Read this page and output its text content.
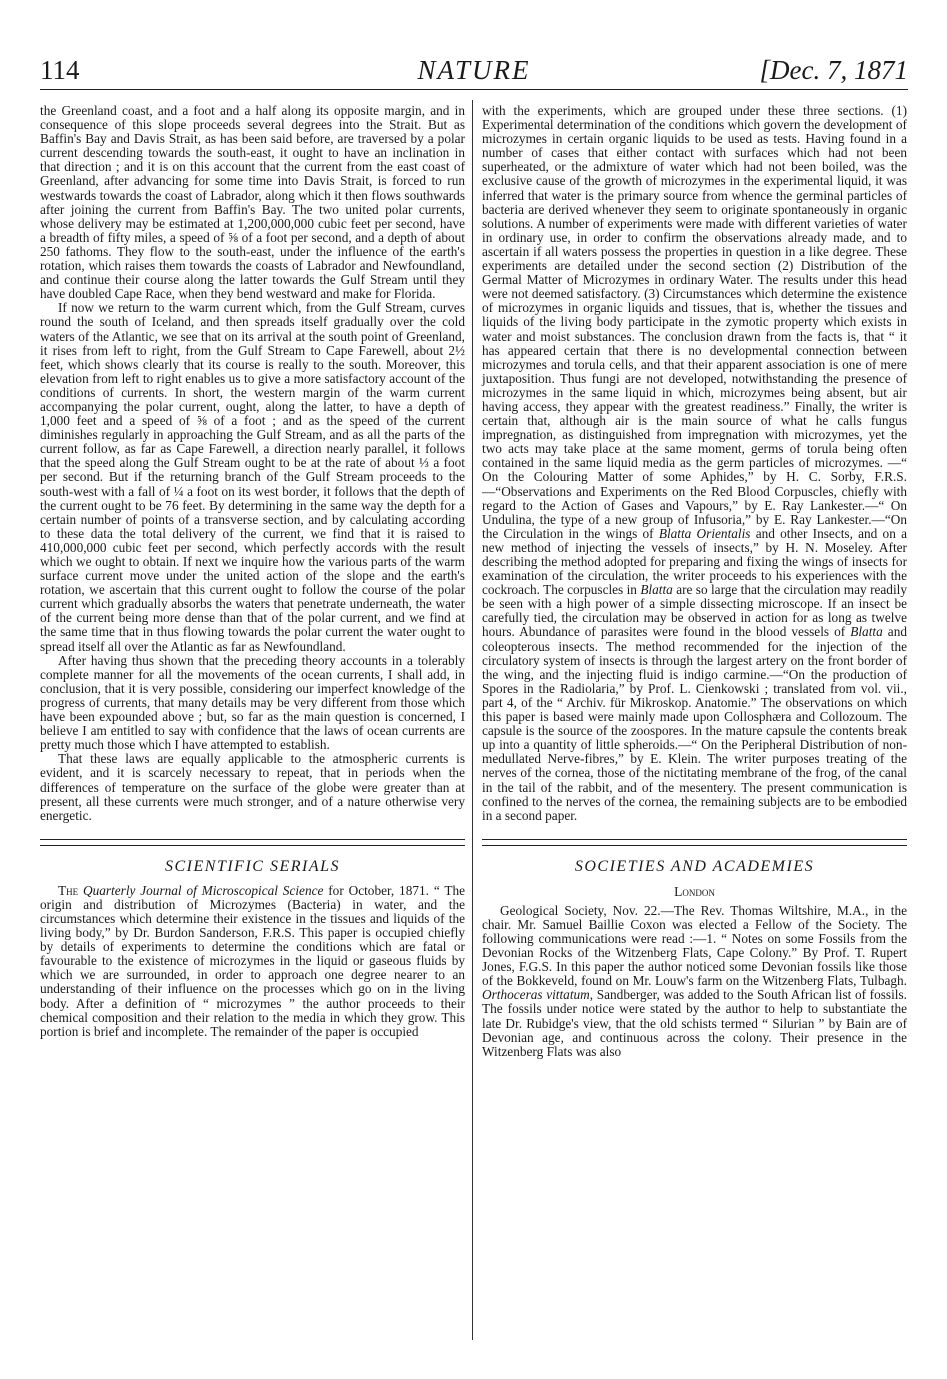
114	NATURE	[Dec. 7, 1871

the Greenland coast, and a foot and a half along its opposite margin, and in consequence of this slope proceeds several degrees into the Strait. But as Baffin's Bay and Davis Strait, as has been said before, are traversed by a polar current descending towards the south-east, it ought to have an inclination in that direction ; and it is on this account that the current from the east coast of Greenland, after advancing for some time into Davis Strait, is forced to run westwards towards the coast of Labrador, along which it then flows southwards after joining the current from Baffin's Bay. The two united polar currents, whose delivery may be estimated at 1,200,000,000 cubic feet per second, have a breadth of fifty miles, a speed of ⅝ of a foot per second, and a depth of about 250 fathoms. They flow to the south-east, under the influence of the earth's rotation, which raises them towards the coasts of Labrador and Newfoundland, and continue their course along the latter towards the Gulf Stream until they have doubled Cape Race, when they bend westward and make for Florida.

If now we return to the warm current which, from the Gulf Stream, curves round the south of Iceland, and then spreads itself gradually over the cold waters of the Atlantic, we see that on its arrival at the south point of Greenland, it rises from left to right, from the Gulf Stream to Cape Farewell, about 2½ feet, which shows clearly that its course is really to the south. Moreover, this elevation from left to right enables us to give a more satisfactory account of the conditions of currents. In short, the western margin of the warm current accompanying the polar current, ought, along the latter, to have a depth of 1,000 feet and a speed of ⅝ of a foot ; and as the speed of the current diminishes regularly in approaching the Gulf Stream, and as all the parts of the current follow, as far as Cape Farewell, a direction nearly parallel, it follows that the speed along the Gulf Stream ought to be at the rate of about ⅓ a foot per second. But if the returning branch of the Gulf Stream proceeds to the south-west with a fall of ¼ a foot on its west border, it follows that the depth of the current ought to be 76 feet. By determining in the same way the depth for a certain number of points of a transverse section, and by calculating according to these data the total delivery of the current, we find that it is raised to 410,000,000 cubic feet per second, which perfectly accords with the result which we ought to obtain. If next we inquire how the various parts of the warm surface current move under the united action of the slope and the earth's rotation, we ascertain that this current ought to follow the course of the polar current which gradually absorbs the waters that penetrate underneath, the water of the current being more dense than that of the polar current, and we find at the same time that in thus flowing towards the polar current the water ought to spread itself all over the Atlantic as far as Newfoundland.

After having thus shown that the preceding theory accounts in a tolerably complete manner for all the movements of the ocean currents, I shall add, in conclusion, that it is very possible, considering our imperfect knowledge of the progress of currents, that many details may be very different from those which have been expounded above ; but, so far as the main question is concerned, I believe I am entitled to say with confidence that the laws of ocean currents are pretty much those which I have attempted to establish.

That these laws are equally applicable to the atmospheric currents is evident, and it is scarcely necessary to repeat, that in periods when the differences of temperature on the surface of the globe were greater than at present, all these currents were much stronger, and of a nature otherwise very energetic.

SCIENTIFIC SERIALS

The Quarterly Journal of Microscopical Science for October, 1871. “ The origin and distribution of Microzymes (Bacteria) in water, and the circumstances which determine their existence in the tissues and liquids of the living body,” by Dr. Burdon Sanderson, F.R.S. This paper is occupied chiefly by details of experiments to determine the conditions which are fatal or favourable to the existence of microzymes in the liquid or gaseous fluids by which we are surrounded, in order to approach one degree nearer to an understanding of their influence on the processes which go on in the living body. After a definition of “ microzymes ” the author proceeds to their chemical composition and their relation to the media in which they grow. This portion is brief and incomplete. The remainder of the paper is occupied

with the experiments, which are grouped under these three sections. (1) Experimental determination of the conditions which govern the development of microzymes in certain organic liquids to be used as tests. Having found in a number of cases that either contact with surfaces which had not been superheated, or the admixture of water which had not been boiled, was the exclusive cause of the growth of microzymes in the experimental liquid, it was inferred that water is the primary source from whence the germinal particles of bacteria are derived whenever they seem to originate spontaneously in organic solutions. A number of experiments were made with different varieties of water in ordinary use, in order to confirm the observations already made, and to ascertain if all waters possess the properties in question in a like degree. These experiments are detailed under the second section (2) Distribution of the Germal Matter of Microzymes in ordinary Water. The results under this head were not deemed satisfactory. (3) Circumstances which determine the existence of microzymes in organic liquids and tissues, that is, whether the tissues and liquids of the living body participate in the zymotic property which exists in water and moist substances. The conclusion drawn from the facts is, that “ it has appeared certain that there is no developmental connection between microzymes and torula cells, and that their apparent association is one of mere juxtaposition. Thus fungi are not developed, notwithstanding the presence of microzymes in the same liquid in which, microzymes being absent, but air having access, they appear with the greatest readiness.” Finally, the writer is certain that, although air is the main source of what he calls fungus impregnation, as distinguished from impregnation with microzymes, yet the two acts may take place at the same moment, germs of torula being often contained in the same liquid media as the germ particles of microzymes. —“ On the Colouring Matter of some Aphides,” by H. C. Sorby, F.R.S.—“Observations and Experiments on the Red Blood Corpuscles, chiefly with regard to the Action of Gases and Vapours,” by E. Ray Lankester.—“ On Undulina, the type of a new group of Infusoria,” by E. Ray Lankester.—“On the Circulation in the wings of Blatta Orientalis and other Insects, and on a new method of injecting the vessels of insects,” by H. N. Moseley. After describing the method adopted for preparing and fixing the wings of insects for examination of the circulation, the writer proceeds to his experiences with the cockroach. The corpuscles in Blatta are so large that the circulation may readily be seen with a high power of a simple dissecting microscope. If an insect be carefully tied, the circulation may be observed in action for as long as twelve hours. Abundance of parasites were found in the blood vessels of Blatta and coleopterous insects. The method recommended for the injection of the circulatory system of insects is through the largest artery on the front border of the wing, and the injecting fluid is indigo carmine.—“On the production of Spores in the Radiolaria,” by Prof. L. Cienkowski ; translated from vol. vii., part 4, of the “ Archiv. für Mikroskop. Anatomie.” The observations on which this paper is based were mainly made upon Collosphæra and Collozoum. The capsule is the source of the zoospores. In the mature capsule the contents break up into a quantity of little spheroids.—“ On the Peripheral Distribution of non-medullated Nerve-fibres,” by E. Klein. The writer purposes treating of the nerves of the cornea, those of the nictitating membrane of the frog, of the canal in the tail of the rabbit, and of the mesentery. The present communication is confined to the nerves of the cornea, the remaining subjects are to be embodied in a second paper.

SOCIETIES AND ACADEMIES
London

Geological Society, Nov. 22.—The Rev. Thomas Wiltshire, M.A., in the chair. Mr. Samuel Baillie Coxon was elected a Fellow of the Society. The following communications were read :—1. “ Notes on some Fossils from the Devonian Rocks of the Witzenberg Flats, Cape Colony.” By Prof. T. Rupert Jones, F.G.S. In this paper the author noticed some Devonian fossils like those of the Bokkeveld, found on Mr. Louw's farm on the Witzenberg Flats, Tulbagh. Orthoceras vittatum, Sandberger, was added to the South African list of fossils. The fossils under notice were stated by the author to help to substantiate the late Dr. Rubidge's view, that the old schists termed “ Silurian ” by Bain are of Devonian age, and continuous across the colony. Their presence in the Witzenberg Flats was also
